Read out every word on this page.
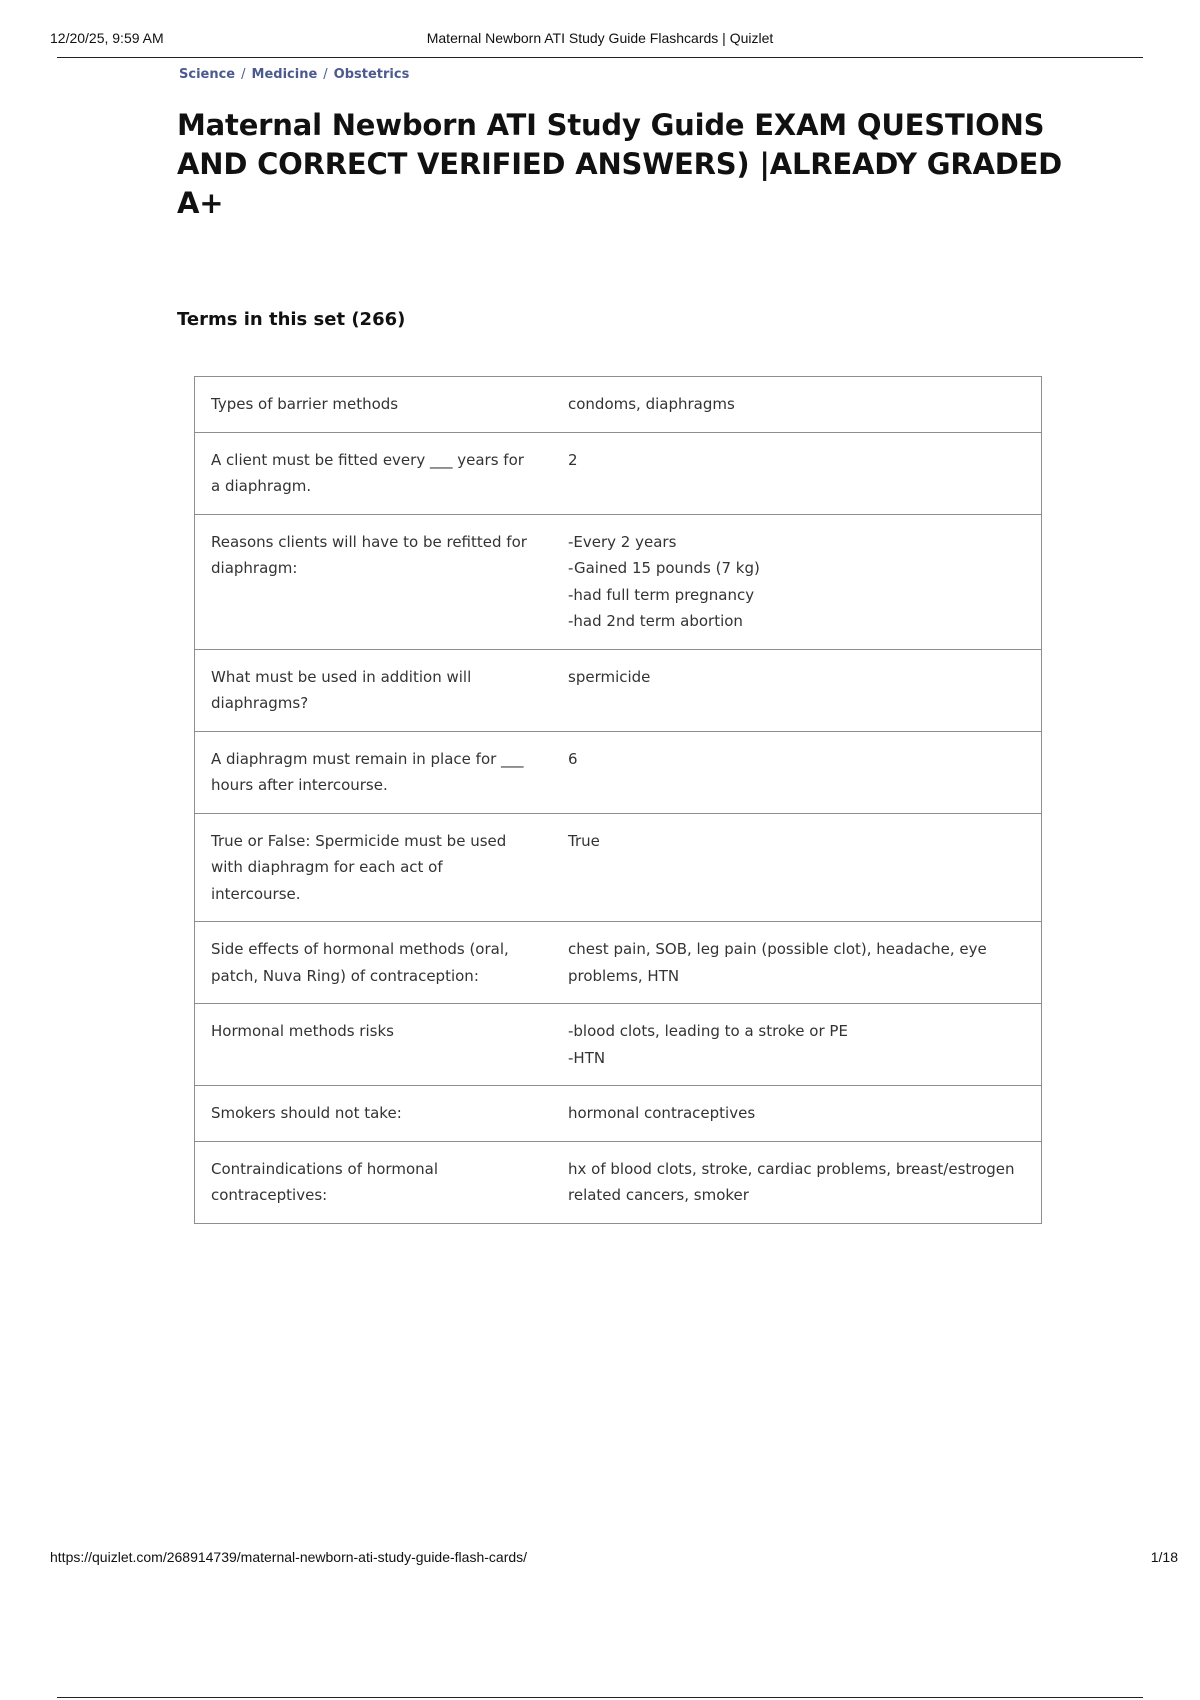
12/20/25, 9:59 AM	Maternal Newborn ATI Study Guide Flashcards | Quizlet
Science / Medicine / Obstetrics
Maternal Newborn ATI Study Guide EXAM QUESTIONS AND CORRECT VERIFIED ANSWERS) |ALREADY GRADED A+
Terms in this set (266)
Types of barrier methods	condoms, diaphragms
A client must be fitted every ___ years for a diaphragm.	2
Reasons clients will have to be refitted for diaphragm:	-Every 2 years
-Gained 15 pounds (7 kg)
-had full term pregnancy
-had 2nd term abortion
What must be used in addition will diaphragms?	spermicide
A diaphragm must remain in place for ___ hours after intercourse.	6
True or False: Spermicide must be used with diaphragm for each act of intercourse.	True
Side effects of hormonal methods (oral, patch, Nuva Ring) of contraception:	chest pain, SOB, leg pain (possible clot), headache, eye problems, HTN
Hormonal methods risks	-blood clots, leading to a stroke or PE
-HTN
Smokers should not take:	hormonal contraceptives
Contraindications of hormonal contraceptives:	hx of blood clots, stroke, cardiac problems, breast/estrogen related cancers, smoker
https://quizlet.com/268914739/maternal-newborn-ati-study-guide-flash-cards/	1/18
